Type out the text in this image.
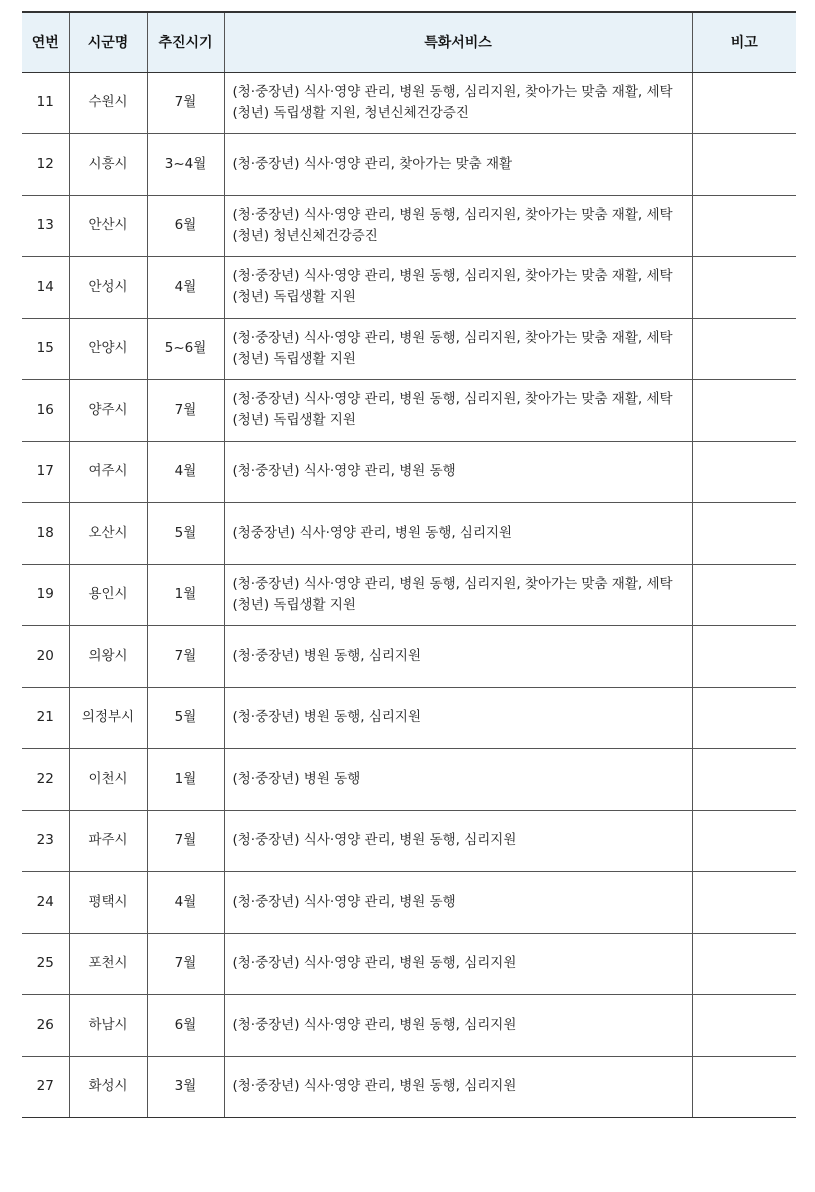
연번	시군명	추진시기	특화서비스	비고
11	수원시	7월	(청·중장년) 식사·영양 관리, 병원 동행, 심리지원, 찾아가는 맞춤 재활, 세탁
(청년) 독립생활 지원, 청년신체건강증진	

12	시흥시	3~4월	(청·중장년) 식사·영양 관리, 찾아가는 맞춤 재활	

13	안산시	6월	(청·중장년) 식사·영양 관리, 병원 동행, 심리지원, 찾아가는 맞춤 재활, 세탁
(청년) 청년신체건강증진	

14	안성시	4월	(청·중장년) 식사·영양 관리, 병원 동행, 심리지원, 찾아가는 맞춤 재활, 세탁
(청년) 독립생활 지원	

15	안양시	5~6월	(청·중장년) 식사·영양 관리, 병원 동행, 심리지원, 찾아가는 맞춤 재활, 세탁
(청년) 독립생활 지원	

16	양주시	7월	(청·중장년) 식사·영양 관리, 병원 동행, 심리지원, 찾아가는 맞춤 재활, 세탁
(청년) 독립생활 지원	

17	여주시	4월	(청·중장년) 식사·영양 관리, 병원 동행	

18	오산시	5월	(청중장년) 식사·영양 관리, 병원 동행, 심리지원	

19	용인시	1월	(청·중장년) 식사·영양 관리, 병원 동행, 심리지원, 찾아가는 맞춤 재활, 세탁
(청년) 독립생활 지원	

20	의왕시	7월	(청·중장년) 병원 동행, 심리지원	

21	의정부시	5월	(청·중장년) 병원 동행, 심리지원	

22	이천시	1월	(청·중장년) 병원 동행	

23	파주시	7월	(청·중장년) 식사·영양 관리, 병원 동행, 심리지원	

24	평택시	4월	(청·중장년) 식사·영양 관리, 병원 동행	

25	포천시	7월	(청·중장년) 식사·영양 관리, 병원 동행, 심리지원	

26	하남시	6월	(청·중장년) 식사·영양 관리, 병원 동행, 심리지원	

27	화성시	3월	(청·중장년) 식사·영양 관리, 병원 동행, 심리지원	
